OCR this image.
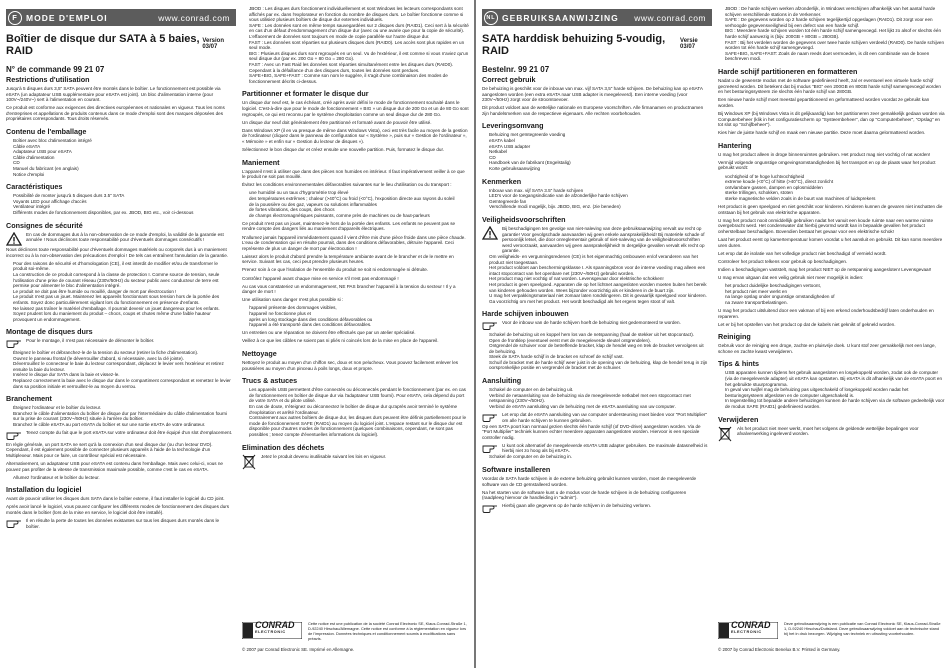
F MODE D'EMPLOI	www.conrad.com
Boîtier de disque dur SATA à 5 baies, RAID
Version 03/07
N° de commande 99 21 07
Restrictions d'utilisation

Jusqu'à 5 disques durs 3,5" SATA peuvent être montés dans le boîtier. Le fonctionnement est possible via eSATA (un adaptateur USB supplémentaire pour eSATA est joint). Un bloc d'alimentation interne (pour 100V~/240V~) sert à l'alimentation en courant.

Ce produit est conforme aux exigences des directives européennes et nationales en vigueur. Tous les noms d'entreprises et appellations de produits contenus dans ce mode d'emploi sont des marques déposées des propriétaires correspondants. Tous droits réservés.

Contenu de l'emballage
• Boîtier avec bloc d'alimentation intégré
• Câble eSATA
• Adaptateur USB pour eSATA
• Câble d'alimentation
• CD
• Manuel du fabricant (en anglais)
• Notice d'emploi
Caractéristiques
• Possibilité de monter jusqu'à 5 disques durs 3.5" SATA
• Voyants LED pour affichage d'accès
• Ventilateur intégré
• Différents modes de fonctionnement disponibles, par ex. JBOD, BIG etc., voir ci-dessous
Consignes de sécurité
En cas de dommages dus à la non-observation de ce mode d'emploi, la validité de la garantie est annulée ! Nous déclinons toute responsabilité pour d'éventuels dommages consécutifs !

Nous déclinons toute responsabilité pour d'éventuels dommages matériels ou corporels dus à un maniement incorrect ou à la non-observation des précautions d'emploi ! De tels cas entraînent l'annulation de la garantie.

• Pour des raisons de sécurité et d'homologation (CE), il est interdit de modifier et/ou de transformer le produit soi-même.
• La construction de ce produit correspond à la classe de protection I. Comme source de tension, seule l'utilisation d'une prise de courant réseau (230V/50Hz) du secteur public avec conducteur de terre est permise pour alimenter le bloc d'alimentation intégré.
• Le produit ne doit pas être humide ou mouillé, danger de mort par électrocution !
• Le produit n'est pas un jouet. Maintenez les appareils fonctionnant sous tension hors de la portée des enfants. Soyez donc particulièrement vigilant lors du fonctionnement en présence d'enfants.
• Ne laissez pas traîner le matériel d'emballage. Il pourrait devenir un jouet dangereux pour les enfants.
• Soyez prudent lors du maniement du produit – chocs, coups et chutes même d'une faible hauteur provoquent un endommagement.
Montage de disques durs
Pour le montage, il n'est pas nécessaire de démonter le boîtier.
• Éteignez le boîtier et débranchez-le de la tension du secteur (retirer la fiche d'alimentation).
• Ouvrez le panneau frontal (le déverrouiller d'abord, si nécessaire, avec la clé jointe).
• Déverrouillez le connecteur le baie du lecteur correspondant, déplacez le levier vers l'extérieur et retirez ensuite la baie du lecteur.
• Insérez le disque dur SATA dans la baie et vissez-le.
• Replacez correctement la baie avec le disque dur dans le compartiment correspondant et remettez le levier dans sa position initiale et verrouillez-le au moyen du verrou.
Branchement
• Éteignez l'ordinateur et le boîtier du lecteur.
• Branchez le câble d'alimentation du boîtier de disque dur par l'intermédiaire du câble d'alimentation fourni sur la prise de courant (230V~/50Hz) située à l'arrière du boîtier.
• Branchez le câble eSATA au port eSATA du boîtier et sur une sortie eSATA de votre ordinateur.
Tenez compte du fait que le port eSATA sur votre ordinateur doit être équipé d'un slot d'emplacement.

En règle générale, un port SATA ne sert qu'à la connexion d'un seul disque dur (ou d'un lecteur DVD). Cependant, il est également possible de connecter plusieurs appareils à l'aide de la technologie d'un Multiplexeur. Mais pour ce faire, un contrôleur spécial est nécessaire.

Alternativement, un adaptateur USB pour eSATA est contenu dans l'emballage. Mais avec celui-ci, vous ne pouvez pas profiter de la vitesse de transmission maximale possible, comme c'est le cas en eSATA.

• Allumez l'ordinateur et le boîtier du lecteur.
Installation du logiciel

Avant de pouvoir utiliser les disques durs SATA dans le boîtier externe, il faut installer le logiciel du CD joint.

Après avoir lancé le logiciel, vous pouvez configurer les différents modes de fonctionnement des disques durs montés dans le boîtier (lors de la mise en service, le logiciel doit être installé).

Il en résulte la perte de toutes les données existantes sur tous les disques durs montés dans le boîtier.
• JBOD : Les disques durs fonctionnent individuellement et sont Windows les lecteurs correspondants sont affichés par ex. dans l'explorateur en fonction du nombre de disques durs. Le boîtier fonctionne comme si vous utilisiez plusieurs boîtiers de disque dur externes individuels.
• SAFE : Les données sont en même temps sauvegardées sur 2 disques durs (RAID1). Ceci sert à la sécurité en cas d'un défaut d'endommagement d'un disque dur (avec ou une avarie que pour la copie de sécurité). L'effacement de données sont toujours en mode de copie parallèle sur l'autre disque dur.
• FAST : Les données sont réparties sur plusieurs disques durs (RAID0). Les accès sont plus rapides en un seul mode.
• BIG : Plusieurs disques durs sont regroupés en un seul. Vu de l'extérieur, il est comme si vous n'aviez qu'un seul disque dur (par ex. 200 Go + 80 Go = 280 Go).
• FAST : Avec un Fast Raid les données sont réparties simultanément entre les disques durs (RAID0). Cependant à la défaillance d'un des disques durs, toutes les données sont perdues.
• SAFE+BIG, SAFE+FAST : Comme son nom le suggère, il s'agit d'une combinaison des modes de fonctionnement décrits ci-dessus.
Partitionner et formater le disque dur

Un disque dur neuf est, le cas échéant, créé après avoir défini le mode de fonctionnement souhaité dans le logiciel. C'est-à-dire que pour le mode de fonctionnement « BIG » un disque dur de 200 Go et un de 80 Go sont regroupés, ce qui est reconnu par le système d'exploitation comme un seul disque dur de 280 Go.

Un disque dur neuf doit généralement être partitionné et formaté avant de pouvoir être utilisé.

Dans Windows XP (il en va presque de même dans Windows Vista), ceci est très facile au moyen de la gestion de l'ordinateur (cliquez dans le panneau de configuration sur « Système », puis sur « Gestion de l'ordinateur », « Mémoire » et enfin sur « Gestion du lecteur de disques »).

Sélectionnez le bon disque dur et créez ensuite une nouvelle partition. Puis, formatez le disque dur.

Maniement

L'appareil n'est à utiliser que dans des pièces non humides en intérieur. Il faut impérativement veiller à ce que le produit ne soit pas mouillé.

Évitez les conditions environnementales défavorables suivantes sur le lieu d'utilisation ou du transport :

• une humidité ou un taux d'hygrométrie trop élevé
• des températures extrêmes ; chaleur (>40°C) ou froid (<0°C), l'exposition directe aux rayons du soleil
• de la poussière ou des gaz, vapeurs ou solutions inflammables
• de fortes vibrations, des coups, des chocs
• de champs électromagnétiques puissants, comme près de machines ou de haut-parleurs

Ce produit n'est pas un jouet, maintenez-le hors de la portée des enfants. Les enfants ne peuvent pas se rendre compte des dangers liés au maniement d'appareils électriques.

N'allumez jamais l'appareil immédiatement quand il vient d'être mis d'une pièce froide dans une pièce chaude. L'eau de condensation qui en résulte pourrait, dans des conditions défavorables, détruire l'appareil. Ceci représente de plus un danger de mort par électrocution !

Laissez alors le produit d'abord prendre la température ambiante avant de le brancher et de le mettre en service. Suivant les cas, ceci peut prendre plusieurs heures.

Prenez soin à ce que l'isolation de l'ensemble du produit ne soit ni endommagée ni détruite.

Contrôlez l'appareil avant chaque mise en service s'il n'est pas endommagé !

Au cas vous constateriez un endommagement, NE PAS brancher l'appareil à la tension du secteur ! Il y a danger de mort !

Une utilisation sans danger n'est plus possible si :

• l'appareil présente des dommages visibles,
• l'appareil ne fonctionne plus et
• après un long stockage dans des conditions défavorables ou
• l'appareil a été transporté dans des conditions défavorables.

Un entretien ou une réparation ne doivent être effectués que par un atelier spécialisé.

Veillez à ce que les câbles ne soient pas ni pliés ni coincés lors de la mise en place de l'appareil.

Nettoyage

Nettoyez le produit au moyen d'un chiffon sec, doux et non pelucheux. Vous pouvez facilement enlever les poussières au moyen d'un pinceau à poils longs, doux et propre.

Trucs & astuces
• Les appareils USB permettent d'être connectés ou déconnectés pendant le fonctionnement (par ex. en cas de fonctionnement en boîtier de disque dur via l'adaptateur USB fourni). Pour eSATA, cela dépend du port de votre SATA et du pilote utilisé.
• En cas de doute, n'éteignez ou déconnectez le boîtier de disque dur qu'après avoir terminé le système d'exploitation et arrêté l'ordinateur.
• Contrairement aux autres boîtiers de disque dur, les disques durs peuvent être définis partiellement pour le mode de fonctionnement SAFE (RAID1) au moyen du logiciel joint. L'espace restant sur le disque dur est disponible pour d'autres modes de fonctionnement (quelques combinaisons, cependant, ne sont pas possibles ; tenez compte d'éventuelles informations du logiciel).
Elimination des déchets
Jetez le produit devenu inutilisable suivant les lois en vigueur.
CONRAD
ELECTRONIC
Cette notice est une publication de la société Conrad Electronic SE, Klaus-Conrad-Straße 1, D-92240 Hirschau/Allemagne. Cette notice est conforme à la réglementation en vigueur lors de l'impression. Données techniques et conditionnement soumis à modifications sans préavis.
© 2007 par Conrad Electronic SE. Imprimé en Allemagne.
NL GEBRUIKSAANWIJZING www.conrad.com
SATA harddisk behuizing 5-voudig, RAID
Versie 03/07
Bestelnr. 99 21 07
Correct gebruik

De behuizing is geschikt voor de inbouw van max. vijf SATA 3,5" harde schijven. De behuizing kan op eSATA aangesloten worden (een extra eSATA naar USB adapter is meegeleverd). Een interne voeding (voor 230V~/50Hz) zorgt voor de stroomtoevoer.

Dit product voldoet aan de wettelijke nationale en Europese voorschriften. Alle firmanamen en productnamen zijn handelsmerken van de respectieve eigenaars. Alle rechten voorbehouden.

Leveringsomvang
• Behuizing met geïntegreerde voeding
• eSATA kabel
• eSATA USB adapter
• Netkabel
• CD
• Handboek van de fabrikant (Engelstalig)
• Korte gebruiksaanwijzing
Kenmerken
• Inbouw van max. vijf SATA 3.5" harde schijven
• LED's voor de toegangsindicatie van de afzonderlijke harde schijven
• Geïntegreerde fan
• Verschillende modi mogelijk, bijv. JBOD, BIG, enz. (zie beneden)
Veiligheidsvoorschriften
Bij beschadigingen ten gevolge van niet-naleving van deze gebruiksaanwijzing vervalt uw recht op garantie! Voor gevolgschade aanvaarden wij geen enkele aansprakelijkheid! Bij materiële schade of persoonlijk letsel, die door onreglementair gebruik of niet-naleving van de veiligheidsvoorschriften werd veroorzaakt, aanvaarden wij geen aansprakelijkheid! In dergelijke gevallen vervalt elk recht op garantie.
• Om veiligheids- en vergunningsredenen (CE) is het eigenmachtig ombouwen en/of veranderen van het product niet toegestaan.
• Het product voldoet aan beschermingsklasse I. Als spanningsbron voor de interne voeding mag alleen een intact stopcontact van het openbare net (230V~/50Hz) gebruikt worden.
• Het product mag niet vochtig of nat worden. Levensgevaar door elektrische schokken!
• Het product is geen speelgoed. Apparaten die op het lichtnet aangesloten worden moeten buiten het bereik van kinderen gehouden worden. Wees bijzonder voorzichtig als er kinderen in de buurt zijn.
• U mag het verpakkingsmateriaal niet zomaar laten rondslingeren. Dit is gevaarlijk speelgoed voor kinderen.
• Ga voorzichtig om met het product. Het wordt beschadigd als het ergens tegen stoot of valt.
Harde schijven inbouwen
Voor de inbouw van de harde schijven hoeft de behuizing niet gedemonteerd te worden.
• Schakel de behuizing uit en koppel hem los van de netspanning (haal de stekker uit het stopcontact).
• Open de frontklep (eventueel eerst met de meegeleverde sleutel ontgrendelen).
• Ontgrendel de schuiver voor de betreffende bracket, klap de hendel weg en trek de bracket vervolgens uit de behuizing.
• Steek de SATA harde schijf in de bracket en schroef de schijf vast.
• Schuif de bracket met de harde schijf weer juist in de opening van de behuizing, klap de hendel terug in zijn oorspronkelijke positie en vergrendel de bracket met de schuiver.
Aansluiting
• Schakel de computer en de behuizing uit.
• Verbind de netaansluiting van de behuizing via de meegeleverde netkabel met een stopcontact met netspanning (230V~/50Hz).
• Verbind de eSATA aansluiting van de behuizing met de eSATA aansluiting van uw computer.
Let erop dat de eSATA aansluiting van uw computer ondersteuning moet bieden voor "Port Multiplier" om alle harde schijven te kunnen gebruiken.

Op een SATA poort kan normaal gezien slechts één harde schijf (of DVD-drive) aangesloten worden. Via de "Port Multiplier" techniek kunnen echter meerdere apparaten aangesloten worden. Hiervoor is een speciale controller nodig.

U kunt ook alternatief de meegeleverde eSATA USB adapter gebruiken. De maximale datasnelheid is hierbij niet zo hoog als bij eSATA.
• Schakel de computer en de behuizing in.
Software installeren

Voordat de SATA harde schijven in de externe behuizing gebruikt kunnen worden, moet de meegeleverde software van de CD geïnstalleerd worden.

Na het starten van de software kunt u de modus voor de harde schijven in de behuizing configureren (raadpleeg hiervoor de handleiding in "admin").

Hierbij gaan alle gegevens op de harde schijven in de behuizing verloren.
• JBOD : De harde schijven werken afzonderlijk, in Windows verschijnen afhankelijk van het aantal harde schijven verschillende stations in de Verkenner.
• SAFE : De gegevens worden op 2 harde schijven tegelijkertijd opgeslagen (RAID1). Dit zorgt voor een verhoogde gegevensveiligheid bij een defect van een harde schijf.
• BIG : Meerdere harde schijven worden tot één harde schijf samengevoegd. Het lijkt zo alsof er slechts één harde schijf aanwezig is (bijv. 200GB + 80GB = 280GB).
• FAST : Bij het verdelen worden de gegevens over twee harde schijven verdeeld (RAID0). De harde schijven worden tot één harde schijf samengevoegd.
• SAFE+BIG, SAFE+FAST: Zoals de naam reeds doet vermoeden, is dit een combinatie van de boven beschreven modi.
Harde schijf partitioneren en formatteren

Nadat u de gewenste modus met de software gedefinieerd heeft, zal er eventueel een virtuele harde schijf gecreëerd worden. Dit betekent dat bij modus "BIG" een 200GB en 80GB harde schijf samengevoegd worden en het besturingssysteem zie slechts één harde schijf van 280GB.

Een nieuwe harde schijf moet meestal gepartitioneerd en geformatteerd worden voordat ze gebruikt kan worden.

Bij Windows XP (bij Windows Vista is dit gelijkaardig) kan het partitioneren zeer gemakkelijk gedaan worden via Computerbeheer (klik in het configuratiescherm op "Systeembeheer", dan op "Computerbeheer", "Opslag" en tot slot op "Schijfbeheer").

Kies hier de juiste harde schijf en maak een nieuwe partitie. Deze moet daarna gelormatteerd worden.

Hantering

U mag het product alleen in droge binnenruimtes gebruiken. Het product mag niet vochtig of nat worden!

Vermijd volgende ongunstige omgevingsomstandigheden bij het transport en op de plaats waar het product gebruikt wordt:

• vochtigheid of te hoge luchtvochtigheid
• extreme koude (<0°C) of hitte (>40°C), direct zonlicht
• ontvlambare gassen, dampen en oplosmiddelen
• sterke trillingen, schokken, stoten
• sterke magnetische velden zoals in de buurt van machines of luidsprekers

Het product is geen speelgoed en niet geschikt voor kinderen. Kinderen kunnen de gevaren niet inschatten die ontstaan bij het gebruik van elektrische apparaten.

U mag het product nooit onmiddellijk gebruiken nadat het vanuit een koude ruimte naar een warme ruimte overgebracht werd. Het condenswater dat hierbij gevormd wordt kan in bepaalde gevallen het product onherstelbaar beschadigen. Bovendien bestaat het gevaar voor een elektrische schok!

Laat het product eerst op kamertemperatuur komen voordat u het aansluit en gebruikt. Dit kan soms meerdere uren duren.

Let erop dat de isolatie van het volledige product niet beschadigd of vernield wordt.

Controleer het product telkens voor gebruik op beschadigingen.

Indien u beschadigingen vaststelt, mag het product NIET op de netspanning aangesloten! Levensgevaar!

U mag ervan uitgaan dat een veilig gebruik niet meer mogelijk is indien:

• het product duidelijke beschadigingen vertoont,
• het product niet meer werkt en
• na lange opslag onder ongunstige omstandigheden of
• na zware transportbelastingen.

U mag het product uitsluitend door een vakman of bij een erkend onderhoudsbedrijf laten onderhouden en repareren.

Let er bij het opstellen van het product op dat de kabels niet geknikt of gekneld worden.

Reiniging

Gebruik voor de reiniging een droge, zachte en pluisvrije doek. U kunt stof zeer gemakkelijk met een lange, schone en zachte kwast verwijderen.

Tips & hints
• USB apparaten kunnen tijdens het gebruik aangesloten en losgekoppeld worden, zodat ook de computer (via de meegeleverde adapter) uit eSATA kan opstarten. Bij eSATA is dit afhankelijk van de eSATA poort en het gebruikte stuurprogramma.
• In geval van twijfel mag de behuizing pas uitgeschakeld of losgekoppeld worden nadat het besturingssysteem afgesloten en de computer uitgeschakeld is.
• In tegenstelling tot bepaalde andere behuizingen kunnen de harde schijven via de software gedeeltelijk voor de modus SAFE (RAID1) gedefinieerd worden.
Verwijderen
Als het product niet meer werkt, moet het volgens de geldende wettelijke bepalingen voor afvalverwerking ingeleverd worden.
CONRAD
ELECTRONIC
Deze gebruiksaanwijzing is een publicatie van Conrad Electronic SE, Klaus-Conrad-Straße 1, D-92240 Hirschau/Duitsland. Deze gebruiksaanwijzing voldoet aan de technische stand bij het in druk bezorgen. Wijziging van techniek en uitrusting voorbehouden.
© 2007 by Conrad Electronic Benelux B.V. Printed in Germany.
